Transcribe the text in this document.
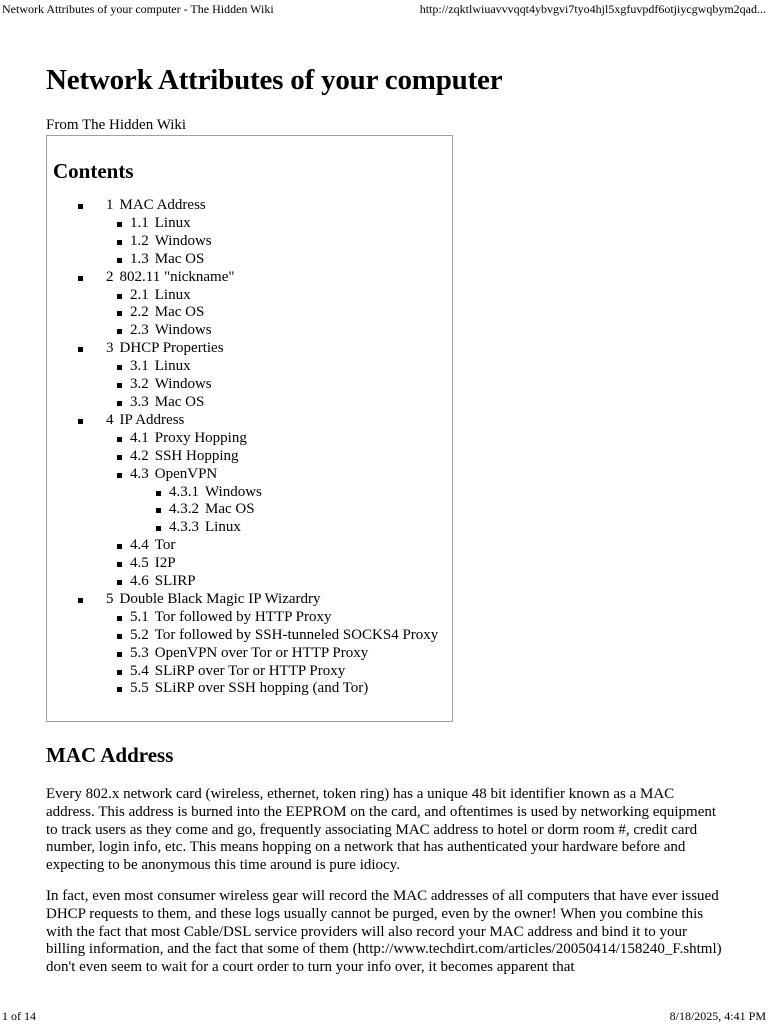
Network Attributes of your computer - The Hidden Wiki	http://zqktlwiuavvvqqt4ybvgvi7tyo4hjl5xgfuvpdf6otjiycgwqbym2qad...
Network Attributes of your computer
From The Hidden Wiki
Contents
1 MAC Address
1.1 Linux
1.2 Windows
1.3 Mac OS
2 802.11 "nickname"
2.1 Linux
2.2 Mac OS
2.3 Windows
3 DHCP Properties
3.1 Linux
3.2 Windows
3.3 Mac OS
4 IP Address
4.1 Proxy Hopping
4.2 SSH Hopping
4.3 OpenVPN
4.3.1 Windows
4.3.2 Mac OS
4.3.3 Linux
4.4 Tor
4.5 I2P
4.6 SLIRP
5 Double Black Magic IP Wizardry
5.1 Tor followed by HTTP Proxy
5.2 Tor followed by SSH-tunneled SOCKS4 Proxy
5.3 OpenVPN over Tor or HTTP Proxy
5.4 SLiRP over Tor or HTTP Proxy
5.5 SLiRP over SSH hopping (and Tor)
MAC Address

Every 802.x network card (wireless, ethernet, token ring) has a unique 48 bit identifier known as a MAC address. This address is burned into the EEPROM on the card, and oftentimes is used by networking equipment to track users as they come and go, frequently associating MAC address to hotel or dorm room #, credit card number, login info, etc. This means hopping on a network that has authenticated your hardware before and expecting to be anonymous this time around is pure idiocy.

In fact, even most consumer wireless gear will record the MAC addresses of all computers that have ever issued DHCP requests to them, and these logs usually cannot be purged, even by the owner! When you combine this with the fact that most Cable/DSL service providers will also record your MAC address and bind it to your billing information, and the fact that some of them (http://www.techdirt.com/articles/20050414/158240_F.shtml) don't even seem to wait for a court order to turn your info over, it becomes apparent that

1 of 14	8/18/2025, 4:41 PM
